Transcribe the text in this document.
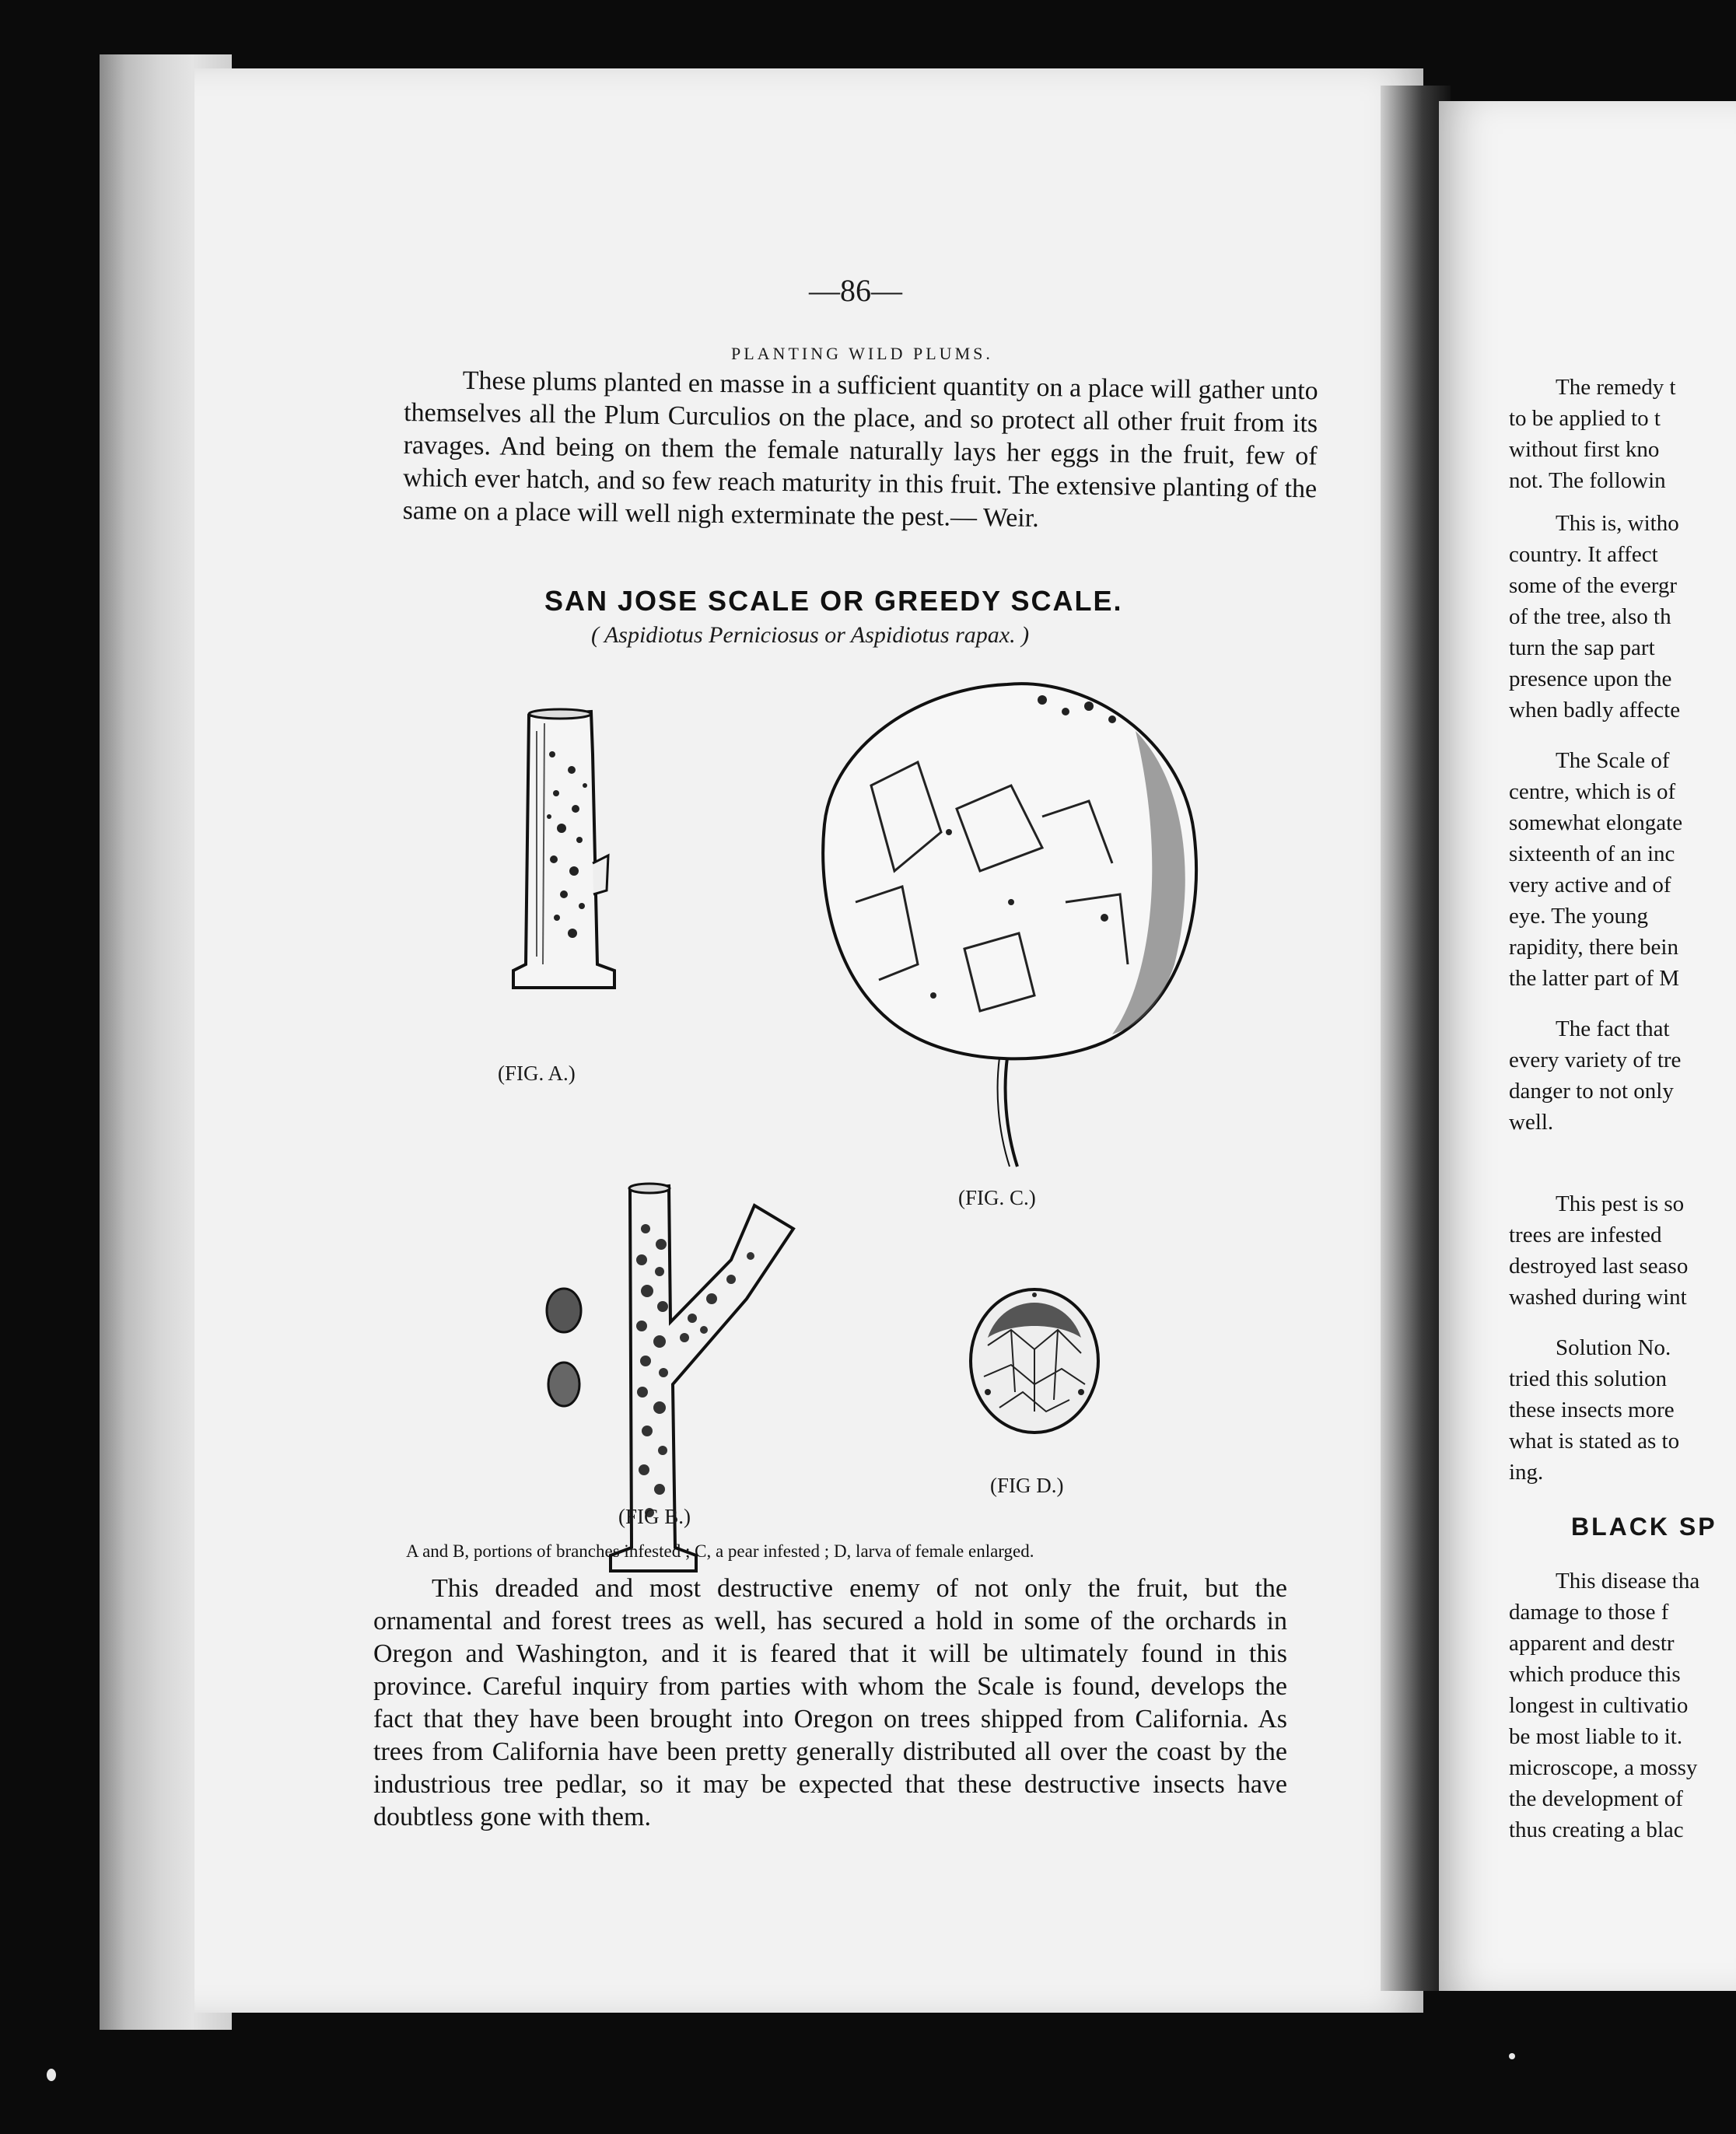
—86—
PLANTING WILD PLUMS.

These plums planted en masse in a sufficient quantity on a place will gather unto themselves all the Plum Curculios on the place, and so protect all other fruit from its ravages. And being on them the female naturally lays her eggs in the fruit, few of which ever hatch, and so few reach maturity in this fruit. The extensive planting of the same on a place will well nigh exterminate the pest.— Weir.

SAN JOSE SCALE OR GREEDY SCALE.
( Aspidiotus Perniciosus or Aspidiotus rapax. )
(FIG. A.)
(FIG. C.)
(FIG B.)
(FIG D.)
A and B, portions of branches infested ; C, a pear infested ; D, larva of female enlarged.

This dreaded and most destructive enemy of not only the fruit, but the ornamental and forest trees as well, has secured a hold in some of the orchards in Oregon and Washington, and it is feared that it will be ultimately found in this province. Careful inquiry from parties with whom the Scale is found, develops the fact that they have been brought into Oregon on trees shipped from California. As trees from California have been pretty generally distributed all over the coast by the industrious tree pedlar, so it may be expected that these destructive insects have doubtless gone with them.

The remedy t
to be applied to t
without first kno
not. The followin
This is, witho
country. It affect
some of the evergr
of the tree, also th
turn the sap part
presence upon the
when badly affecte
The Scale of
centre, which is of
somewhat elongate
sixteenth of an inc
very active and of
eye. The young
rapidity, there bein
the latter part of M
The fact that
every variety of tre
danger to not only
well.
This pest is so
trees are infested
destroyed last seaso
washed during wint
Solution No.
tried this solution
these insects more
what is stated as to
ing.
BLACK SP
This disease tha
damage to those f
apparent and destr
which produce this
longest in cultivatio
be most liable to it.
microscope, a mossy
the development of
thus creating a blac
